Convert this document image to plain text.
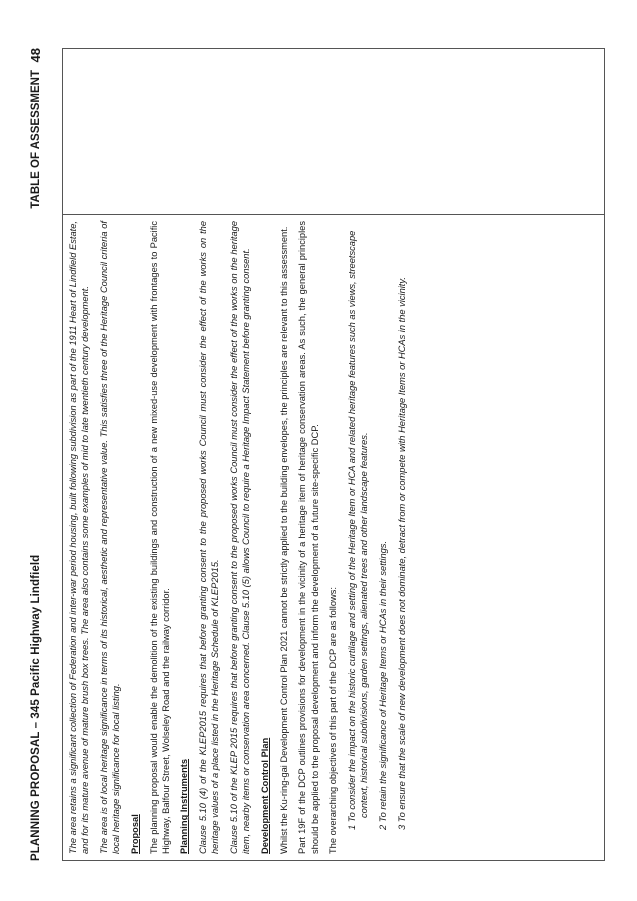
PLANNING PROPOSAL – 345 Pacific Highway Lindfield
TABLE OF ASSESSMENT
48

The area retains a significant collection of Federation and inter-war period housing, built following subdivision as part of the 1911 Heart of Lindfield Estate, and for its mature avenue of mature brush box trees. The area also contains some examples of mid to late twentieth century development. The area is of local heritage significance in terms of its historical, aesthetic and representative value. This satisfies three of the Heritage Council criteria of local heritage significance for local listing. Proposal The planning proposal would enable the demolition of the existing buildings and construction of a new mixed-use development with frontages to Pacific Highway, Balfour Street, Wolseley Road and the railway corridor. Planning Instruments Clause 5.10 (4) of the KLEP2015 requires that before granting consent to the proposed works Council must consider the effect of the works on the heritage values of a place listed in the Heritage Schedule of KLEP2015. Clause 5.10 of the KLEP 2015 requires that before granting consent to the proposed works Council must consider the effect of the works on the heritage item, nearby items or conservation area concerned. Clause 5.10 (5) allows Council to require a Heritage Impact Statement before granting consent. Development Control Plan Whilst the Ku-ring-gai Development Control Plan 2021 cannot be strictly applied to the building envelopes, the principles are relevant to this assessment. Part 19F of the DCP outlines provisions for development in the vicinity of a heritage item of heritage conservation areas. As such, the general principles should be applied to the proposal development and inform the development of a future site-specific DCP. The overarching objectives of this part of the DCP are as follows: 1 To consider the impact on the historic curtilage and setting of the Heritage Item or HCA and related heritage features such as views, streetscape context, historical subdivisions, garden settings, alienated trees and other landscape features. 2 To retain the significance of Heritage Items or HCAs in their settings. 3 To ensure that the scale of new development does not dominate, detract from or compete with Heritage Items or HCAs in the vicinity.
